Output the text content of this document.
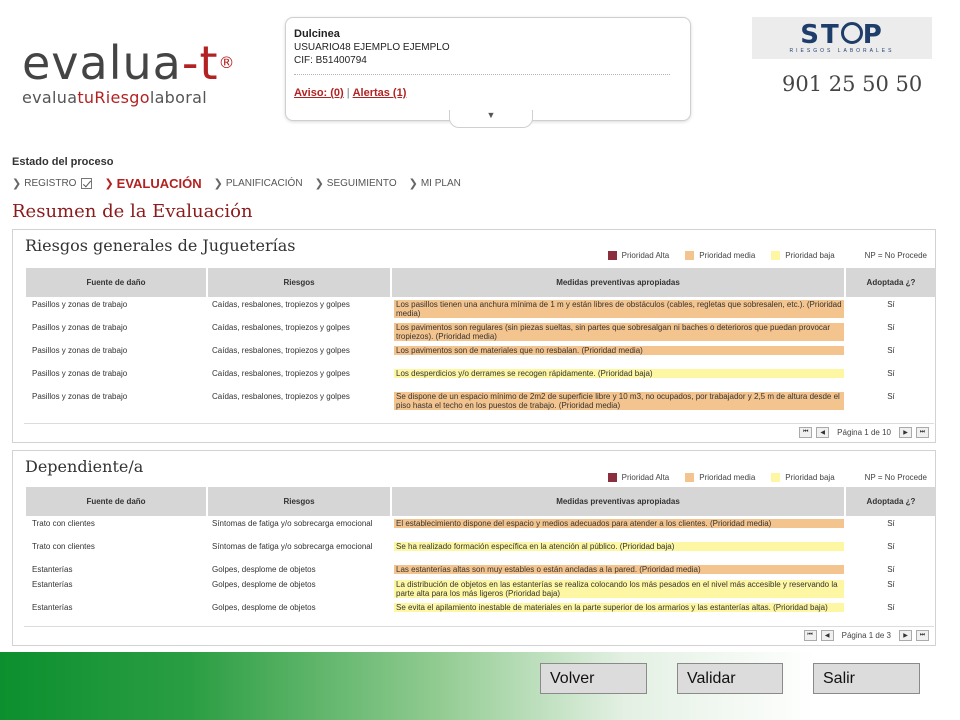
evalua-t®
evaluatuRiesgolaboral
Dulcinea
USUARIO48 EJEMPLO EJEMPLO
CIF: B51400794
Aviso: (0) | Alertas (1)
▼
ST P
RIESGOS LABORALES
901 25 50 50
Estado del proceso
❯ REGISTRO	❯ EVALUACIÓN ❯ PLANIFICACIÓN ❯ SEGUIMIENTO ❯ MI PLAN
Resumen de la Evaluación
Riesgos generales de Jugueterías
Prioridad Alta	Prioridad media	Prioridad baja	NP = No Procede
Fuente de daño	Riesgos	Medidas preventivas apropiadas	Adoptada ¿?
Pasillos y zonas de trabajo	Caídas, resbalones, tropiezos y golpes	Los pasillos tienen una anchura mínima de 1 m y están libres de obstáculos (cables, regletas que sobresalen, etc.). (Prioridad media)	Sí
Pasillos y zonas de trabajo	Caídas, resbalones, tropiezos y golpes	Los pavimentos son regulares (sin piezas sueltas, sin partes que sobresalgan ni baches o deterioros que puedan provocar tropiezos). (Prioridad media)	Sí
Pasillos y zonas de trabajo	Caídas, resbalones, tropiezos y golpes	Los pavimentos son de materiales que no resbalan. (Prioridad media)	Sí
Pasillos y zonas de trabajo	Caídas, resbalones, tropiezos y golpes	Los desperdicios y/o derrames se recogen rápidamente. (Prioridad baja)	Sí
Pasillos y zonas de trabajo	Caídas, resbalones, tropiezos y golpes	Se dispone de un espacio mínimo de 2m2 de superficie libre y 10 m3, no ocupados, por trabajador y 2,5 m de altura desde el piso hasta el techo en los puestos de trabajo. (Prioridad media)	Sí
⏮	◀	Página 1 de 10	▶	⏭
Dependiente/a
Prioridad Alta	Prioridad media	Prioridad baja	NP = No Procede
Fuente de daño	Riesgos	Medidas preventivas apropiadas	Adoptada ¿?
Trato con clientes	Síntomas de fatiga y/o sobrecarga emocional	El establecimiento dispone del espacio y medios adecuados para atender a los clientes. (Prioridad media)	Sí
Trato con clientes	Síntomas de fatiga y/o sobrecarga emocional	Se ha realizado formación específica en la atención al público. (Prioridad baja)	Sí
Estanterías	Golpes, desplome de objetos	Las estanterías altas son muy estables o están ancladas a la pared. (Prioridad media)	Sí
Estanterías	Golpes, desplome de objetos	La distribución de objetos en las estanterías se realiza colocando los más pesados en el nivel más accesible y reservando la parte alta para los más ligeros (Prioridad baja)	Sí
Estanterías	Golpes, desplome de objetos	Se evita el apilamiento inestable de materiales en la parte superior de los armarios y las estanterías altas. (Prioridad baja)	Sí
⏮	◀	Página 1 de 3	▶	⏭
Volver	Validar	Salir
